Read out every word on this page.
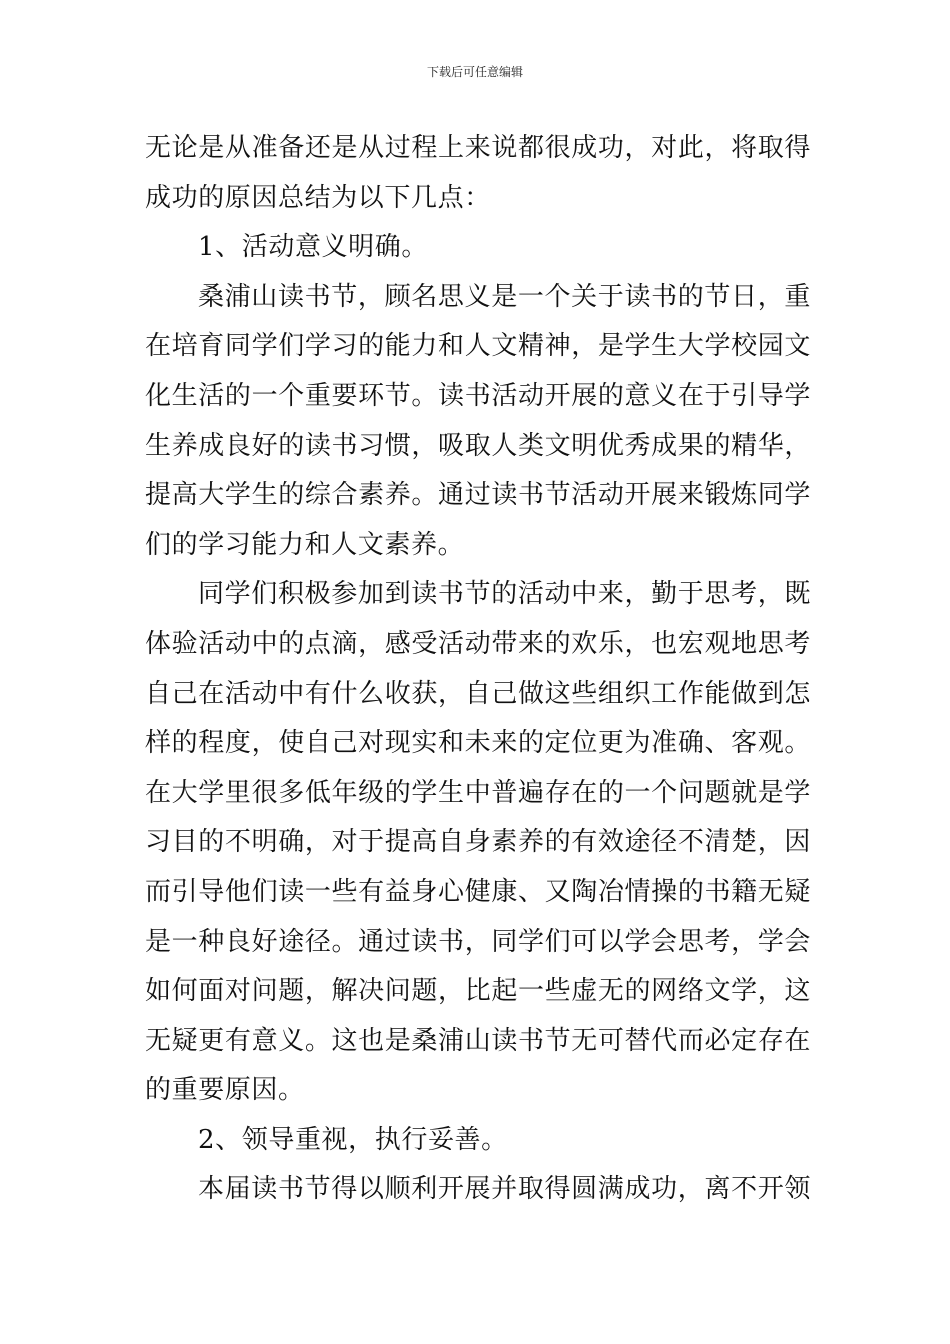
下载后可任意编辑
无论是从准备还是从过程上来说都很成功，对此，将取得
成功的原因总结为以下几点：
1、活动意义明确。
桑浦山读书节，顾名思义是一个关于读书的节日，重
在培育同学们学习的能力和人文精神，是学生大学校园文
化生活的一个重要环节。读书活动开展的意义在于引导学
生养成良好的读书习惯，吸取人类文明优秀成果的精华，
提高大学生的综合素养。通过读书节活动开展来锻炼同学
们的学习能力和人文素养。
同学们积极参加到读书节的活动中来，勤于思考，既
体验活动中的点滴，感受活动带来的欢乐，也宏观地思考
自己在活动中有什么收获，自己做这些组织工作能做到怎
样的程度，使自己对现实和未来的定位更为准确、客观。
在大学里很多低年级的学生中普遍存在的一个问题就是学
习目的不明确，对于提高自身素养的有效途径不清楚，因
而引导他们读一些有益身心健康、又陶冶情操的书籍无疑
是一种良好途径。通过读书，同学们可以学会思考，学会
如何面对问题，解决问题，比起一些虚无的网络文学，这
无疑更有意义。这也是桑浦山读书节无可替代而必定存在
的重要原因。
2、领导重视，执行妥善。
本届读书节得以顺利开展并取得圆满成功，离不开领
